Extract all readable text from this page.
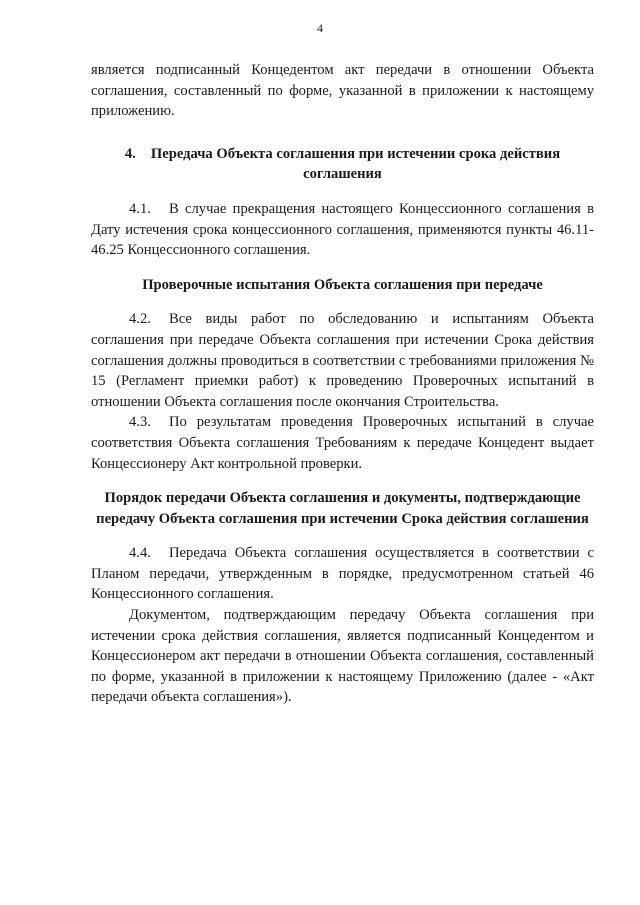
4

является подписанный Концедентом акт передачи в отношении Объекта соглашения, составленный по форме, указанной в приложении к настоящему приложению.

4. Передача Объекта соглашения при истечении срока действия соглашения

4.1. В случае прекращения настоящего Концессионного соглашения в Дату истечения срока концессионного соглашения, применяются пункты 46.11-46.25 Концессионного соглашения.

Проверочные испытания Объекта соглашения при передаче

4.2. Все виды работ по обследованию и испытаниям Объекта соглашения при передаче Объекта соглашения при истечении Срока действия соглашения должны проводиться в соответствии с требованиями приложения № 15 (Регламент приемки работ) к проведению Проверочных испытаний в отношении Объекта соглашения после окончания Строительства.

4.3. По результатам проведения Проверочных испытаний в случае соответствия Объекта соглашения Требованиям к передаче Концедент выдает Концессионеру Акт контрольной проверки.

Порядок передачи Объекта соглашения и документы, подтверждающие передачу Объекта соглашения при истечении Срока действия соглашения

4.4. Передача Объекта соглашения осуществляется в соответствии с Планом передачи, утвержденным в порядке, предусмотренном статьей 46 Концессионного соглашения.

Документом, подтверждающим передачу Объекта соглашения при истечении срока действия соглашения, является подписанный Концедентом и Концессионером акт передачи в отношении Объекта соглашения, составленный по форме, указанной в приложении к настоящему Приложению (далее - «Акт передачи объекта соглашения»).
